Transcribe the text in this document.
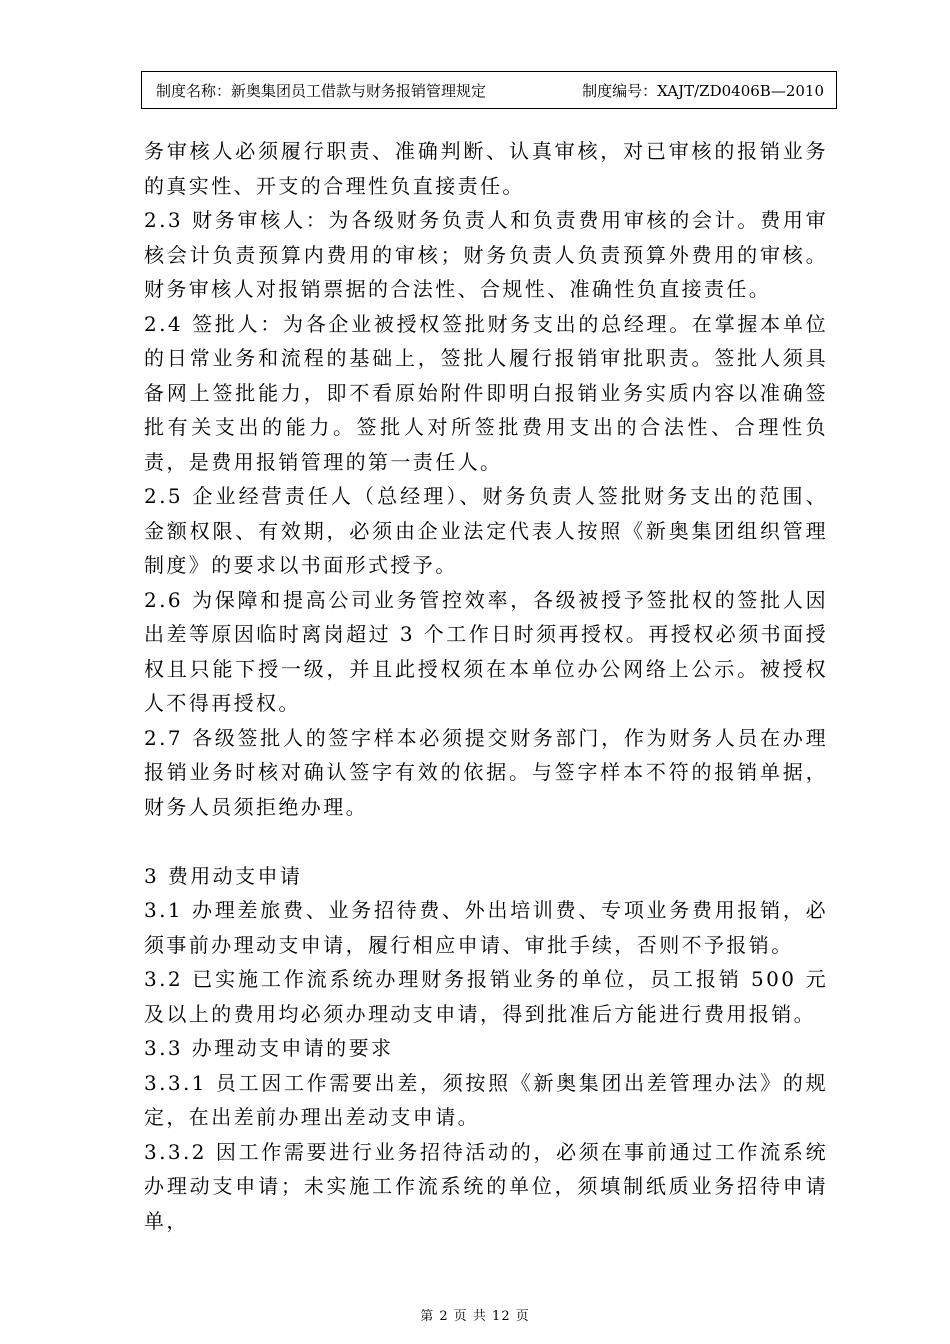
制度名称：新奥集团员工借款与财务报销管理规定	制度编号：XAJT/ZD0406B—2010

务审核人必须履行职责、准确判断、认真审核，对已审核的报销业务的真实性、开支的合理性负直接责任。

2.3 财务审核人：为各级财务负责人和负责费用审核的会计。费用审核会计负责预算内费用的审核；财务负责人负责预算外费用的审核。财务审核人对报销票据的合法性、合规性、准确性负直接责任。

2.4 签批人：为各企业被授权签批财务支出的总经理。在掌握本单位的日常业务和流程的基础上，签批人履行报销审批职责。签批人须具备网上签批能力，即不看原始附件即明白报销业务实质内容以准确签批有关支出的能力。签批人对所签批费用支出的合法性、合理性负责，是费用报销管理的第一责任人。

2.5 企业经营责任人（总经理）、财务负责人签批财务支出的范围、金额权限、有效期，必须由企业法定代表人按照《新奥集团组织管理制度》的要求以书面形式授予。

2.6 为保障和提高公司业务管控效率，各级被授予签批权的签批人因出差等原因临时离岗超过 3 个工作日时须再授权。再授权必须书面授权且只能下授一级，并且此授权须在本单位办公网络上公示。被授权人不得再授权。

2.7 各级签批人的签字样本必须提交财务部门，作为财务人员在办理报销业务时核对确认签字有效的依据。与签字样本不符的报销单据，财务人员须拒绝办理。

3 费用动支申请

3.1 办理差旅费、业务招待费、外出培训费、专项业务费用报销，必须事前办理动支申请，履行相应申请、审批手续，否则不予报销。

3.2 已实施工作流系统办理财务报销业务的单位，员工报销 500 元及以上的费用均必须办理动支申请，得到批准后方能进行费用报销。

3.3 办理动支申请的要求

3.3.1 员工因工作需要出差，须按照《新奥集团出差管理办法》的规定，在出差前办理出差动支申请。

3.3.2 因工作需要进行业务招待活动的，必须在事前通过工作流系统办理动支申请；未实施工作流系统的单位，须填制纸质业务招待申请单，

第 2 页 共 12 页
